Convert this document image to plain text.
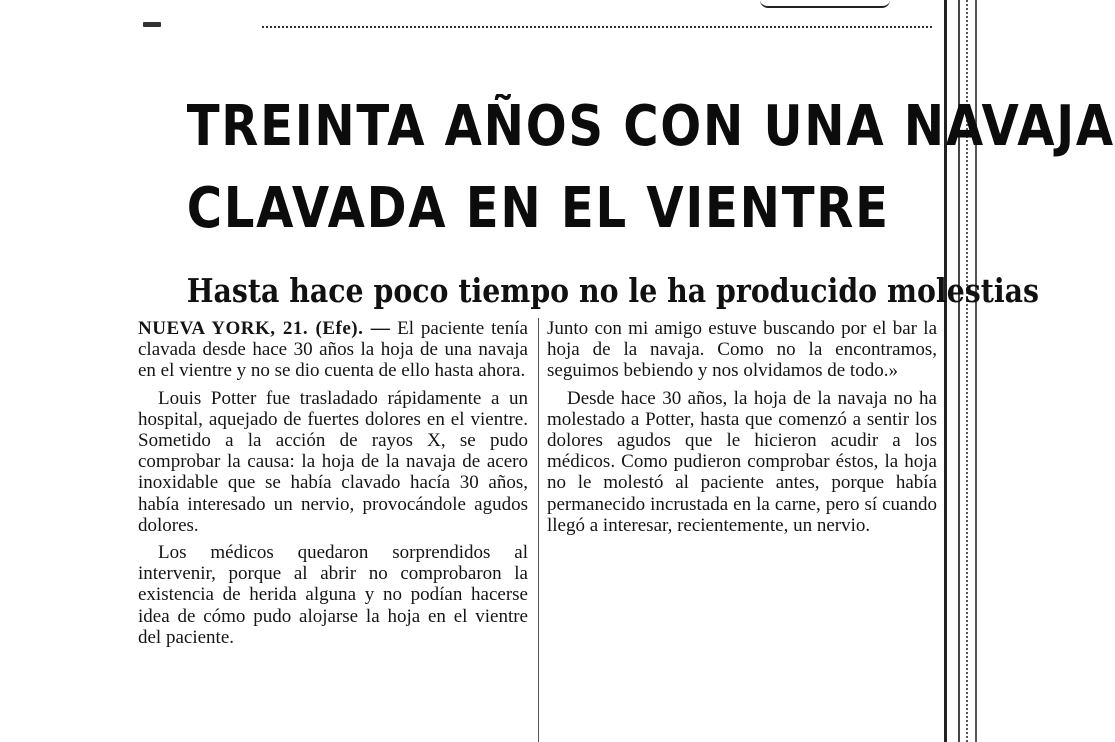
TREINTA AÑOS CON UNA NAVAJA
CLAVADA EN EL VIENTRE
Hasta hace poco tiempo no le ha producido molestias

NUEVA YORK, 21. (Efe). — El paciente tenía clavada desde hace 30 años la hoja de una navaja en el vientre y no se dio cuenta de ello hasta ahora.

Louis Potter fue trasladado rápidamente a un hospital, aquejado de fuertes dolores en el vientre. Sometido a la acción de rayos X, se pudo comprobar la causa: la hoja de la navaja de acero inoxidable que se había clavado hacía 30 años, había interesado un nervio, provocándole agudos dolores.

Los médicos quedaron sorprendidos al intervenir, porque al abrir no comprobaron la existencia de herida alguna y no podían hacerse idea de cómo pudo alojarse la hoja en el vientre del paciente.

Junto con mi amigo estuve buscando por el bar la hoja de la navaja. Como no la encontramos, seguimos bebiendo y nos olvidamos de todo.»

Desde hace 30 años, la hoja de la navaja no ha molestado a Potter, hasta que comenzó a sentir los dolores agudos que le hicieron acudir a los médicos. Como pudieron comprobar éstos, la hoja no le molestó al paciente antes, porque había permanecido incrustada en la carne, pero sí cuando llegó a interesar, recientemente, un nervio.
